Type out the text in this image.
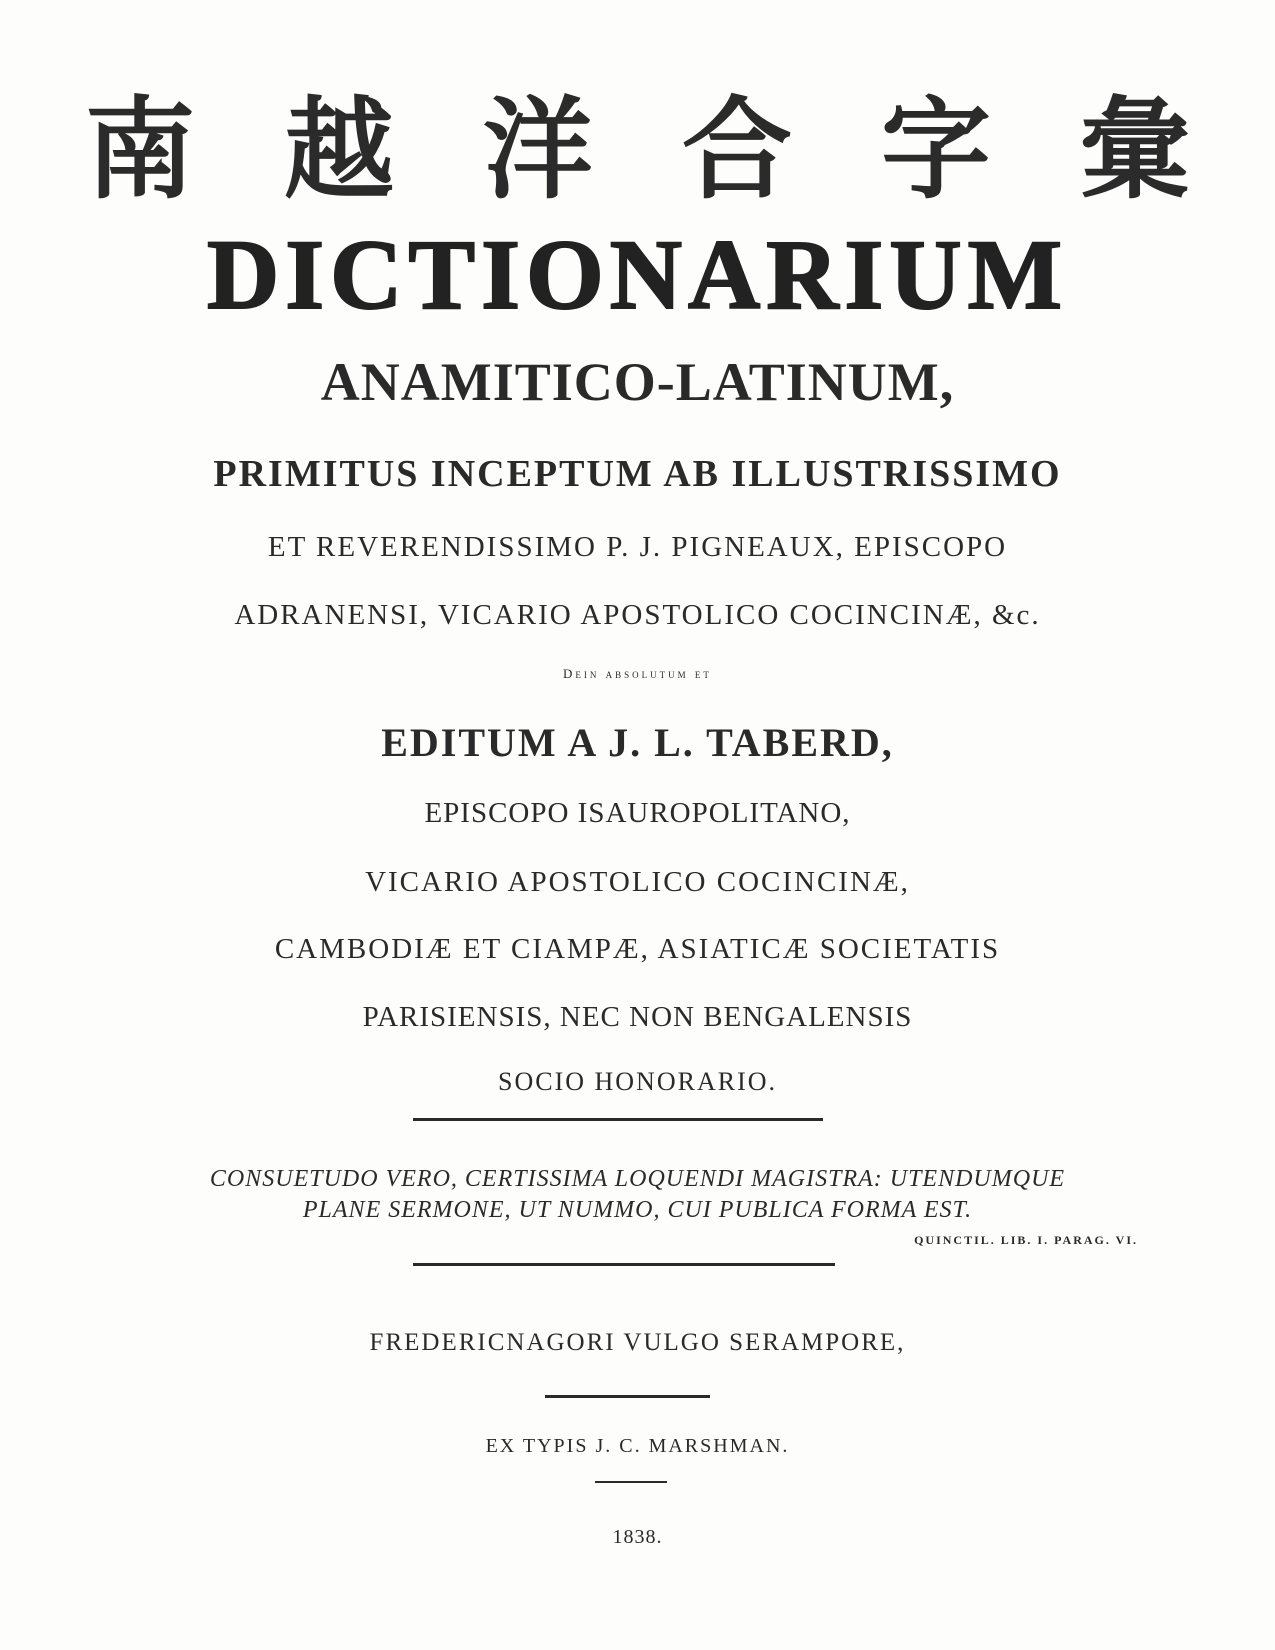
南 越 洋 合 字 彙
DICTIONARIUM
ANAMITICO-LATINUM,
PRIMITUS INCEPTUM AB ILLUSTRISSIMO
ET REVERENDISSIMO P. J. PIGNEAUX, EPISCOPO
ADRANENSI, VICARIO APOSTOLICO COCINCINÆ, &c.
Dein absolutum et
EDITUM A J. L. TABERD,
EPISCOPO ISAUROPOLITANO,
VICARIO APOSTOLICO COCINCINÆ,
CAMBODIÆ ET CIAMPÆ, ASIATICÆ SOCIETATIS
PARISIENSIS, NEC NON BENGALENSIS
SOCIO HONORARIO.
CONSUETUDO VERO, CERTISSIMA LOQUENDI MAGISTRA: UTENDUMQUE
PLANE SERMONE, UT NUMMO, CUI PUBLICA FORMA EST.
QUINCTIL. LIB. I. PARAG. VI.
FREDERICNAGORI VULGO SERAMPORE,
EX TYPIS J. C. MARSHMAN.
1838.
